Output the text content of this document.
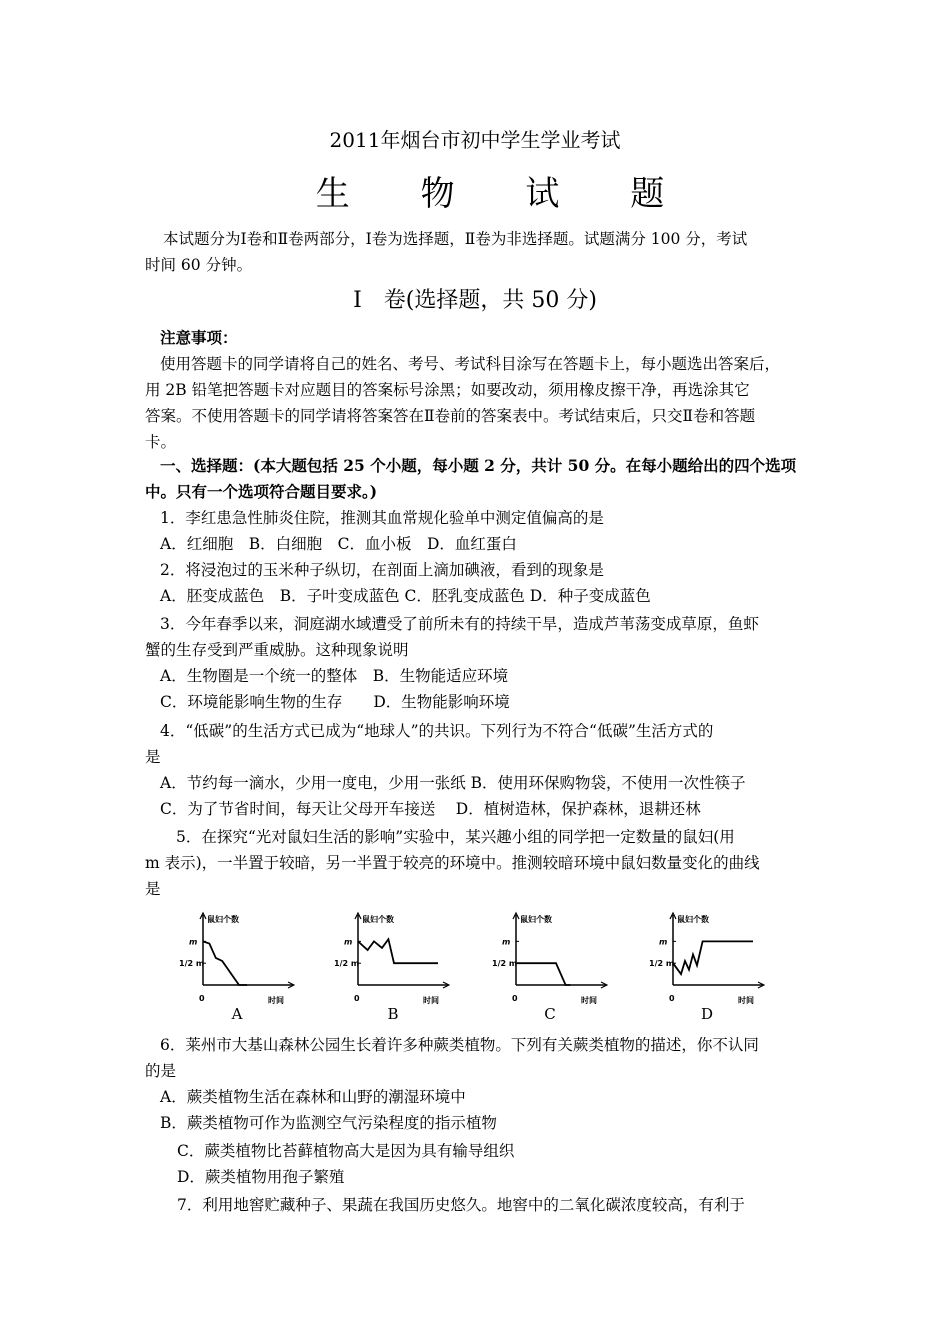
2011年烟台市初中学生学业考试
生 物 试 题
本试题分为Ⅰ卷和Ⅱ卷两部分，Ⅰ卷为选择题，Ⅱ卷为非选择题。试题满分 100 分，考试
时间 60 分钟。
Ⅰ　卷(选择题，共 50 分)
注意事项：
使用答题卡的同学请将自己的姓名、考号、考试科目涂写在答题卡上，每小题选出答案后，
用 2B 铅笔把答题卡对应题目的答案标号涂黑；如要改动，须用橡皮擦干净，再选涂其它
答案。不使用答题卡的同学请将答案答在Ⅱ卷前的答案表中。考试结束后，只交Ⅱ卷和答题
卡。
一、选择题：(本大题包括 25 个小题，每小题 2 分，共计 50 分。在每小题给出的四个选项
中。只有一个选项符合题目要求。)
1．李红患急性肺炎住院，推测其血常规化验单中测定值偏高的是
A．红细胞　B．白细胞　C．血小板　D．血红蛋白
2．将浸泡过的玉米种子纵切，在剖面上滴加碘液，看到的现象是
A．胚变成蓝色　B．子叶变成蓝色 C．胚乳变成蓝色 D．种子变成蓝色
3．今年春季以来，洞庭湖水域遭受了前所未有的持续干旱，造成芦苇荡变成草原，鱼虾
蟹的生存受到严重威胁。这种现象说明
A．生物圈是一个统一的整体　B．生物能适应环境
C．环境能影响生物的生存　　D．生物能影响环境
4．“低碳”的生活方式已成为“地球人”的共识。下列行为不符合“低碳”生活方式的
是
A．节约每一滴水，少用一度电，少用一张纸 B．使用环保购物袋，不使用一次性筷子
C．为了节省时间，每天让父母开车接送　 D．植树造林，保护森林，退耕还林
5．在探究“光对鼠妇生活的影响”实验中，某兴趣小组的同学把一定数量的鼠妇(用
m 表示)，一半置于较暗，另一半置于较亮的环境中。推测较暗环境中鼠妇数量变化的曲线
是
鼠妇个数
时间
0
m
1/2 m
鼠妇个数
时间
0
m
1/2 m
鼠妇个数
时间
0
m
1/2 m
鼠妇个数
时间
0
m
1/2 m
A	B	C	D
6．莱州市大基山森林公园生长着许多种蕨类植物。下列有关蕨类植物的描述，你不认同
的是
A．蕨类植物生活在森林和山野的潮湿环境中
B．蕨类植物可作为监测空气污染程度的指示植物
C．蕨类植物比苔藓植物高大是因为具有输导组织
D．蕨类植物用孢子繁殖
7．利用地窖贮藏种子、果蔬在我国历史悠久。地窖中的二氧化碳浓度较高，有利于
